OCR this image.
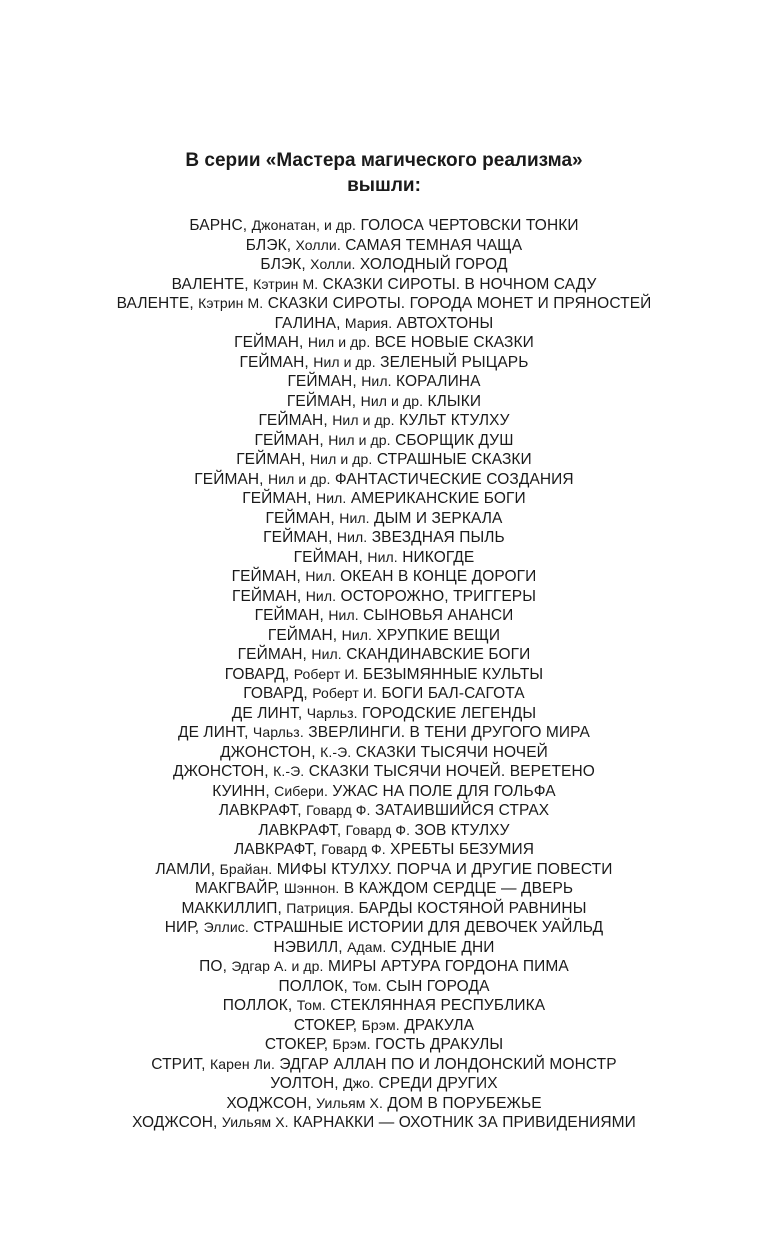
В серии «Мастера магического реализма»
вышли:
БАРНС, Джонатан, и др. ГОЛОСА ЧЕРТОВСКИ ТОНКИ
БЛЭК, Холли. САМАЯ ТЕМНАЯ ЧАЩА
БЛЭК, Холли. ХОЛОДНЫЙ ГОРОД
ВАЛЕНТЕ, Кэтрин М. СКАЗКИ СИРОТЫ. В НОЧНОМ САДУ
ВАЛЕНТЕ, Кэтрин М. СКАЗКИ СИРОТЫ. ГОРОДА МОНЕТ И ПРЯНОСТЕЙ
ГАЛИНА, Мария. АВТОХТОНЫ
ГЕЙМАН, Нил и др. ВСЕ НОВЫЕ СКАЗКИ
ГЕЙМАН, Нил и др. ЗЕЛЕНЫЙ РЫЦАРЬ
ГЕЙМАН, Нил. КОРАЛИНА
ГЕЙМАН, Нил и др. КЛЫКИ
ГЕЙМАН, Нил и др. КУЛЬТ КТУЛХУ
ГЕЙМАН, Нил и др. СБОРЩИК ДУШ
ГЕЙМАН, Нил и др. СТРАШНЫЕ СКАЗКИ
ГЕЙМАН, Нил и др. ФАНТАСТИЧЕСКИЕ СОЗДАНИЯ
ГЕЙМАН, Нил. АМЕРИКАНСКИЕ БОГИ
ГЕЙМАН, Нил. ДЫМ И ЗЕРКАЛА
ГЕЙМАН, Нил. ЗВЕЗДНАЯ ПЫЛЬ
ГЕЙМАН, Нил. НИКОГДЕ
ГЕЙМАН, Нил. ОКЕАН В КОНЦЕ ДОРОГИ
ГЕЙМАН, Нил. ОСТОРОЖНО, ТРИГГЕРЫ
ГЕЙМАН, Нил. СЫНОВЬЯ АНАНСИ
ГЕЙМАН, Нил. ХРУПКИЕ ВЕЩИ
ГЕЙМАН, Нил. СКАНДИНАВСКИЕ БОГИ
ГОВАРД, Роберт И. БЕЗЫМЯННЫЕ КУЛЬТЫ
ГОВАРД, Роберт И. БОГИ БАЛ-САГОТА
ДЕ ЛИНТ, Чарльз. ГОРОДСКИЕ ЛЕГЕНДЫ
ДЕ ЛИНТ, Чарльз. ЗВЕРЛИНГИ. В ТЕНИ ДРУГОГО МИРА
ДЖОНСТОН, К.-Э. СКАЗКИ ТЫСЯЧИ НОЧЕЙ
ДЖОНСТОН, К.-Э. СКАЗКИ ТЫСЯЧИ НОЧЕЙ. ВЕРЕТЕНО
КУИНН, Сибери. УЖАС НА ПОЛЕ ДЛЯ ГОЛЬФА
ЛАВКРАФТ, Говард Ф. ЗАТАИВШИЙСЯ СТРАХ
ЛАВКРАФТ, Говард Ф. ЗОВ КТУЛХУ
ЛАВКРАФТ, Говард Ф. ХРЕБТЫ БЕЗУМИЯ
ЛАМЛИ, Брайан. МИФЫ КТУЛХУ. ПОРЧА И ДРУГИЕ ПОВЕСТИ
МАКГВАЙР, Шэннон. В КАЖДОМ СЕРДЦЕ — ДВЕРЬ
МАККИЛЛИП, Патриция. БАРДЫ КОСТЯНОЙ РАВНИНЫ
НИР, Эллис. СТРАШНЫЕ ИСТОРИИ ДЛЯ ДЕВОЧЕК УАЙЛЬД
НЭВИЛЛ, Адам. СУДНЫЕ ДНИ
ПО, Эдгар А. и др. МИРЫ АРТУРА ГОРДОНА ПИМА
ПОЛЛОК, Том. СЫН ГОРОДА
ПОЛЛОК, Том. СТЕКЛЯННАЯ РЕСПУБЛИКА
СТОКЕР, Брэм. ДРАКУЛА
СТОКЕР, Брэм. ГОСТЬ ДРАКУЛЫ
СТРИТ, Карен Ли. ЭДГАР АЛЛАН ПО И ЛОНДОНСКИЙ МОНСТР
УОЛТОН, Джо. СРЕДИ ДРУГИХ
ХОДЖСОН, Уильям Х. ДОМ В ПОРУБЕЖЬЕ
ХОДЖСОН, Уильям Х. КАРНАККИ — ОХОТНИК ЗА ПРИВИДЕНИЯМИ
